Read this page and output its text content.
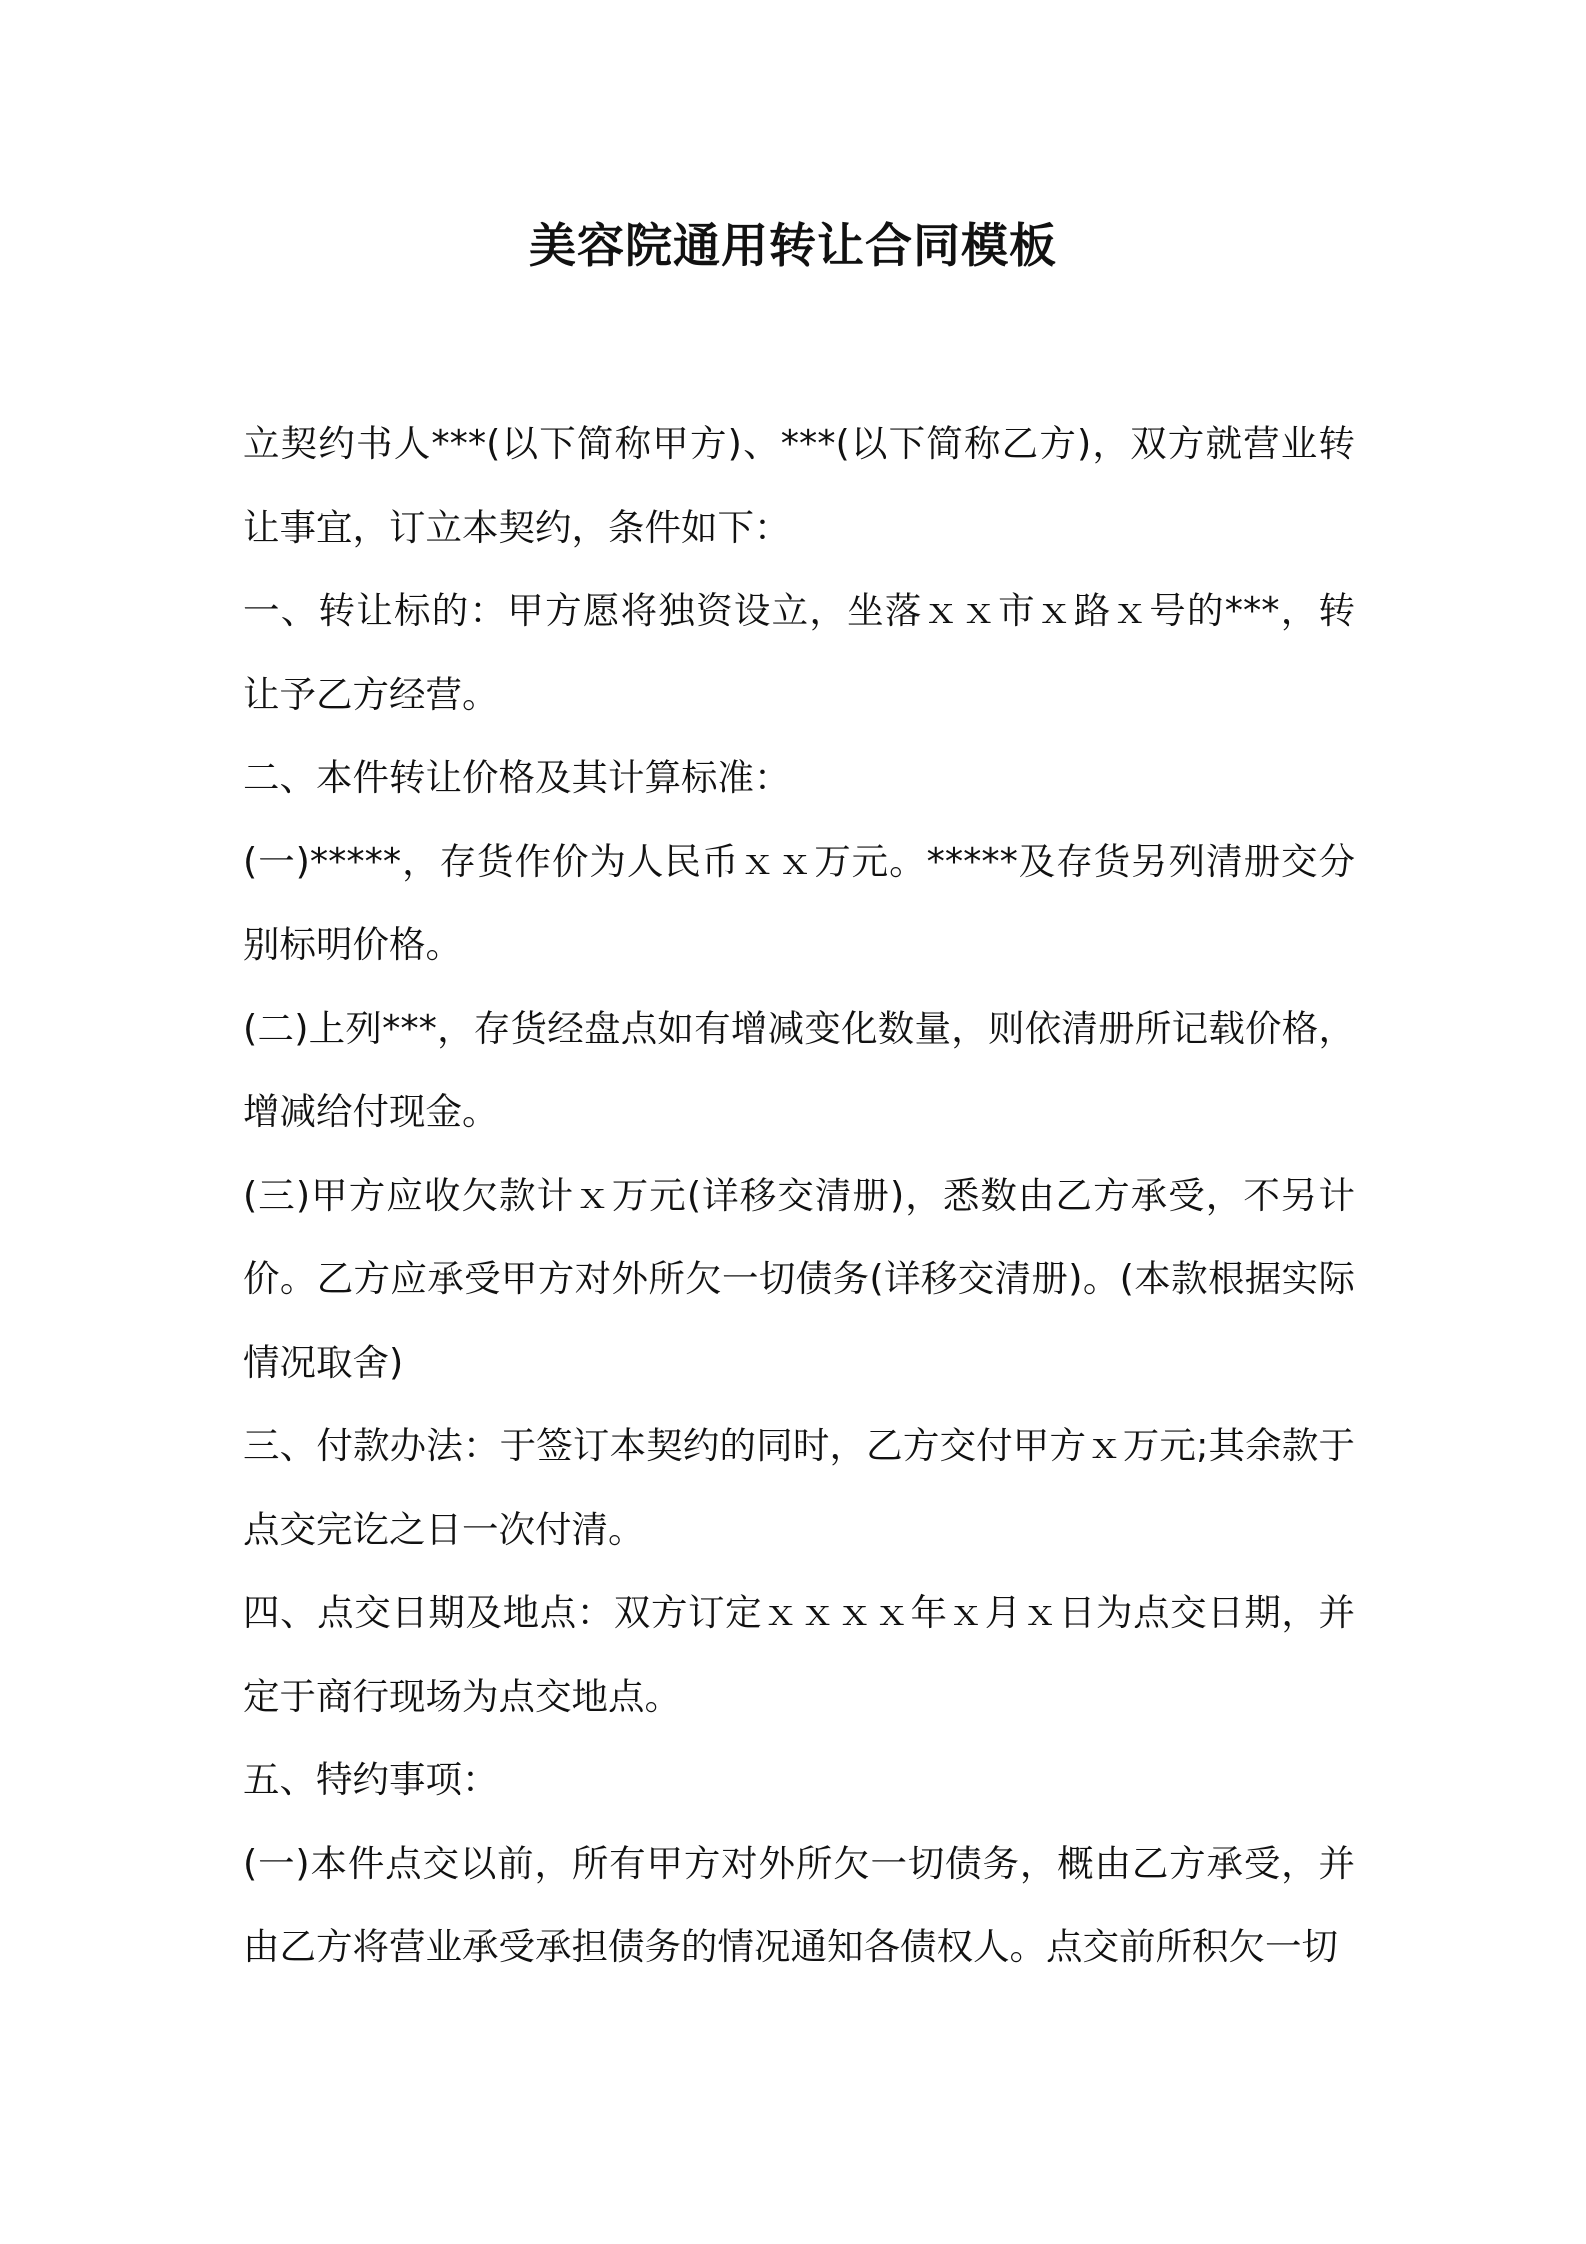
美容院通用转让合同模板

立契约书人***(以下简称甲方)、***(以下简称乙方)，双方就营业转让事宜，订立本契约，条件如下：

一、转让标的：甲方愿将独资设立，坐落ｘｘ市ｘ路ｘ号的***，转让予乙方经营。

二、本件转让价格及其计算标准：

(一)*****，存货作价为人民币ｘｘ万元。*****及存货另列清册交分别标明价格。

(二)上列***，存货经盘点如有增减变化数量，则依清册所记载价格，增减给付现金。

(三)甲方应收欠款计ｘ万元(详移交清册)，悉数由乙方承受，不另计价。乙方应承受甲方对外所欠一切债务(详移交清册)。(本款根据实际情况取舍)

三、付款办法：于签订本契约的同时，乙方交付甲方ｘ万元;其余款于点交完讫之日一次付清。

四、点交日期及地点：双方订定ｘｘｘｘ年ｘ月ｘ日为点交日期，并定于商行现场为点交地点。

五、特约事项：

(一)本件点交以前，所有甲方对外所欠一切债务，概由乙方承受，并由乙方将营业承受承担债务的情况通知各债权人。点交前所积欠一切
